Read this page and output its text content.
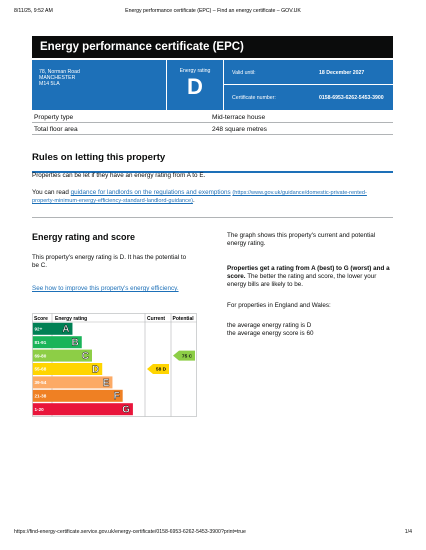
8/11/25, 9:52 AM	Energy performance certificate (EPC) – Find an energy certificate – GOV.UK
Energy performance certificate (EPC)
78, Norman Road
MANCHESTER
M14 5LA
Energy rating
D
Valid until:	18 December 2027
Certificate number:	0158-6953-6262-5453-3900
Property type	Mid-terrace house
Total floor area	248 square metres
Rules on letting this property
Properties can be let if they have an energy rating from A to E.
You can read guidance for landlords on the regulations and exemptions (https://www.gov.uk/guidance/domestic-private-rented-property-minimum-energy-efficiency-standard-landlord-guidance).
Energy rating and score
This property's energy rating is D. It has the potential to be C.
See how to improve this property's energy efficiency.
The graph shows this property's current and potential energy rating.
Properties get a rating from A (best) to G (worst) and a score. The better the rating and score, the lower your energy bills are likely to be.
For properties in England and Wales:
the average energy rating is D
the average energy score is 60
Score Energy rating	Current Potential
92+ A
81-91	B
69-80	C
55-68	D
39-54	E
21-38	F
1-20	G
58 D
75 C
https://find-energy-certificate.service.gov.uk/energy-certificate/0158-6953-6262-5453-3900?print=true	1/4
